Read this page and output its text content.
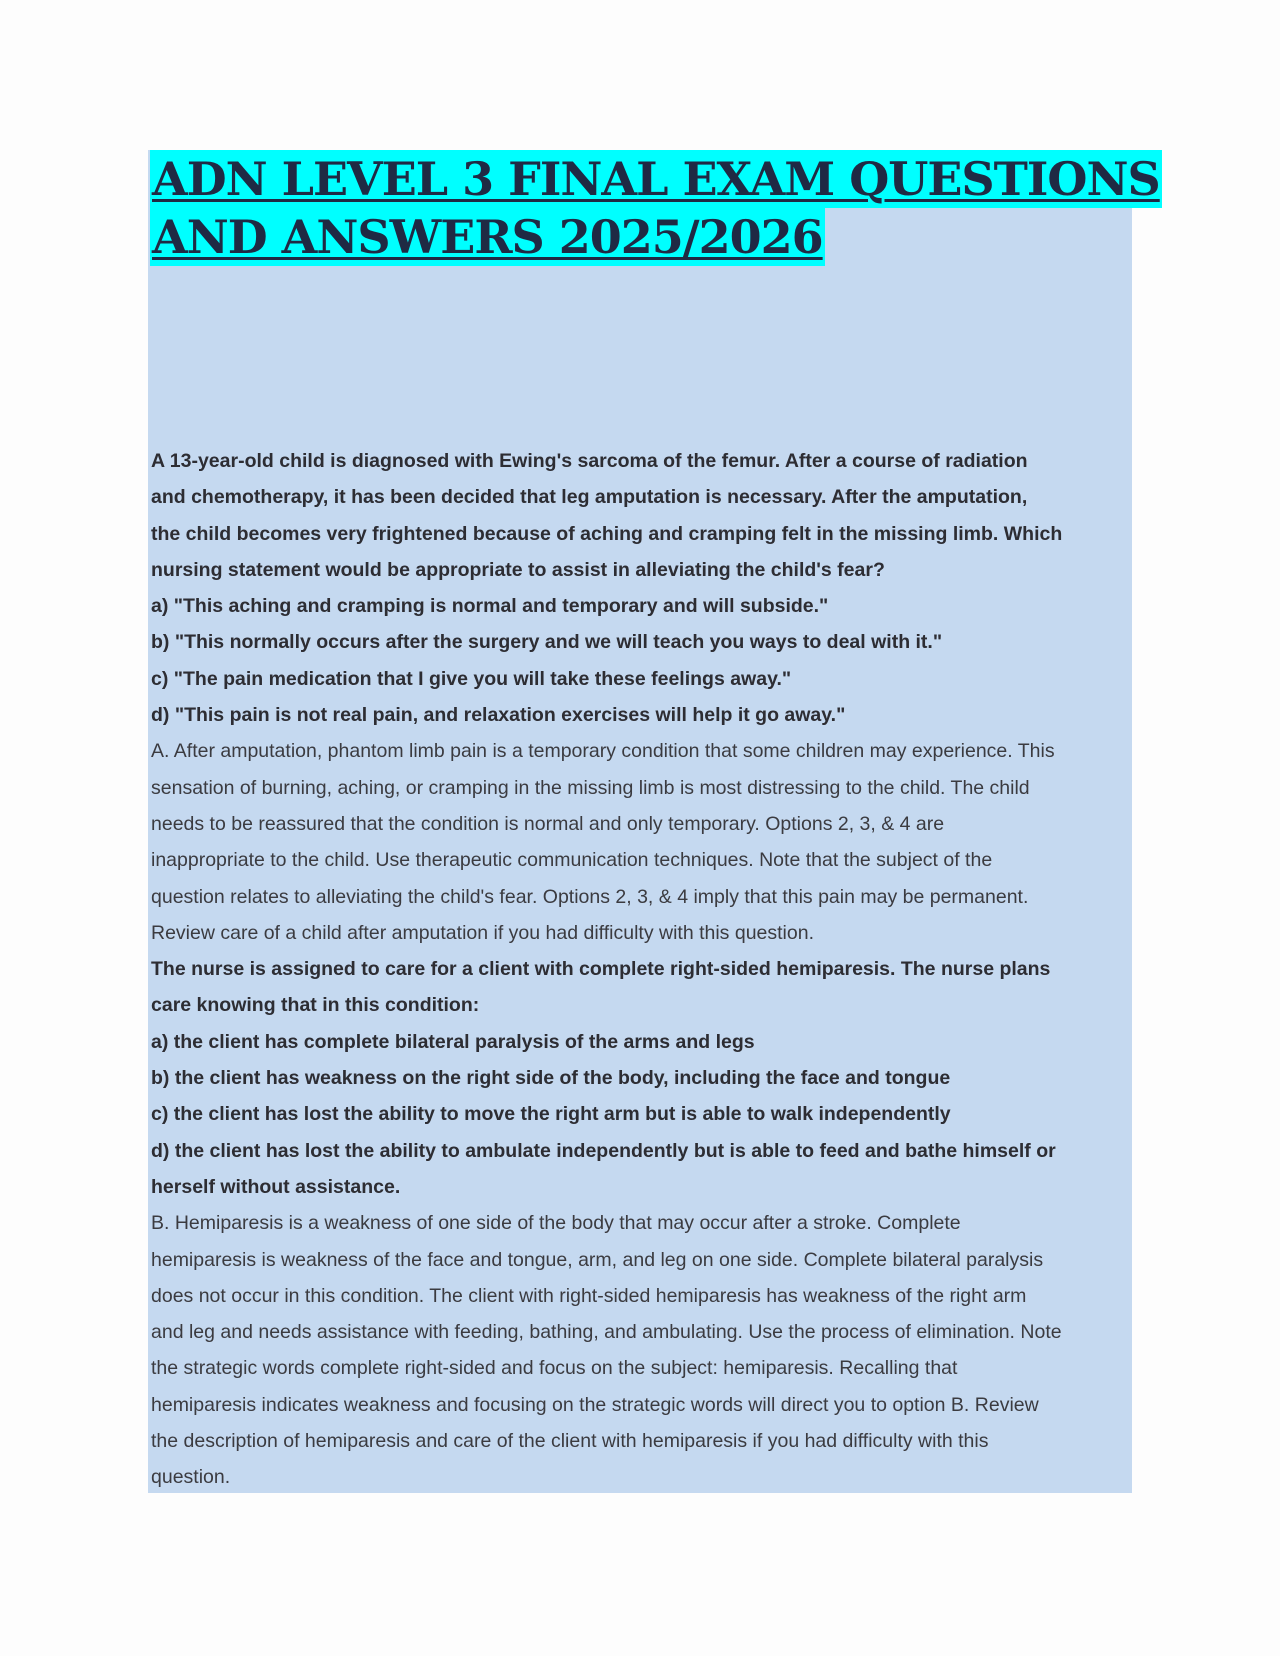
ADN LEVEL 3 FINAL EXAM QUESTIONS
AND ANSWERS 2025/2026
A 13-year-old child is diagnosed with Ewing's sarcoma of the femur. After a course of radiation
and chemotherapy, it has been decided that leg amputation is necessary. After the amputation,
the child becomes very frightened because of aching and cramping felt in the missing limb. Which
nursing statement would be appropriate to assist in alleviating the child's fear?
a) "This aching and cramping is normal and temporary and will subside."
b) "This normally occurs after the surgery and we will teach you ways to deal with it."
c) "The pain medication that I give you will take these feelings away."
d) "This pain is not real pain, and relaxation exercises will help it go away."
A. After amputation, phantom limb pain is a temporary condition that some children may experience. This
sensation of burning, aching, or cramping in the missing limb is most distressing to the child. The child
needs to be reassured that the condition is normal and only temporary. Options 2, 3, & 4 are
inappropriate to the child. Use therapeutic communication techniques. Note that the subject of the
question relates to alleviating the child's fear. Options 2, 3, & 4 imply that this pain may be permanent.
Review care of a child after amputation if you had difficulty with this question.
The nurse is assigned to care for a client with complete right-sided hemiparesis. The nurse plans
care knowing that in this condition:
a) the client has complete bilateral paralysis of the arms and legs
b) the client has weakness on the right side of the body, including the face and tongue
c) the client has lost the ability to move the right arm but is able to walk independently
d) the client has lost the ability to ambulate independently but is able to feed and bathe himself or
herself without assistance.
B. Hemiparesis is a weakness of one side of the body that may occur after a stroke. Complete
hemiparesis is weakness of the face and tongue, arm, and leg on one side. Complete bilateral paralysis
does not occur in this condition. The client with right-sided hemiparesis has weakness of the right arm
and leg and needs assistance with feeding, bathing, and ambulating. Use the process of elimination. Note
the strategic words complete right-sided and focus on the subject: hemiparesis. Recalling that
hemiparesis indicates weakness and focusing on the strategic words will direct you to option B. Review
the description of hemiparesis and care of the client with hemiparesis if you had difficulty with this
question.
